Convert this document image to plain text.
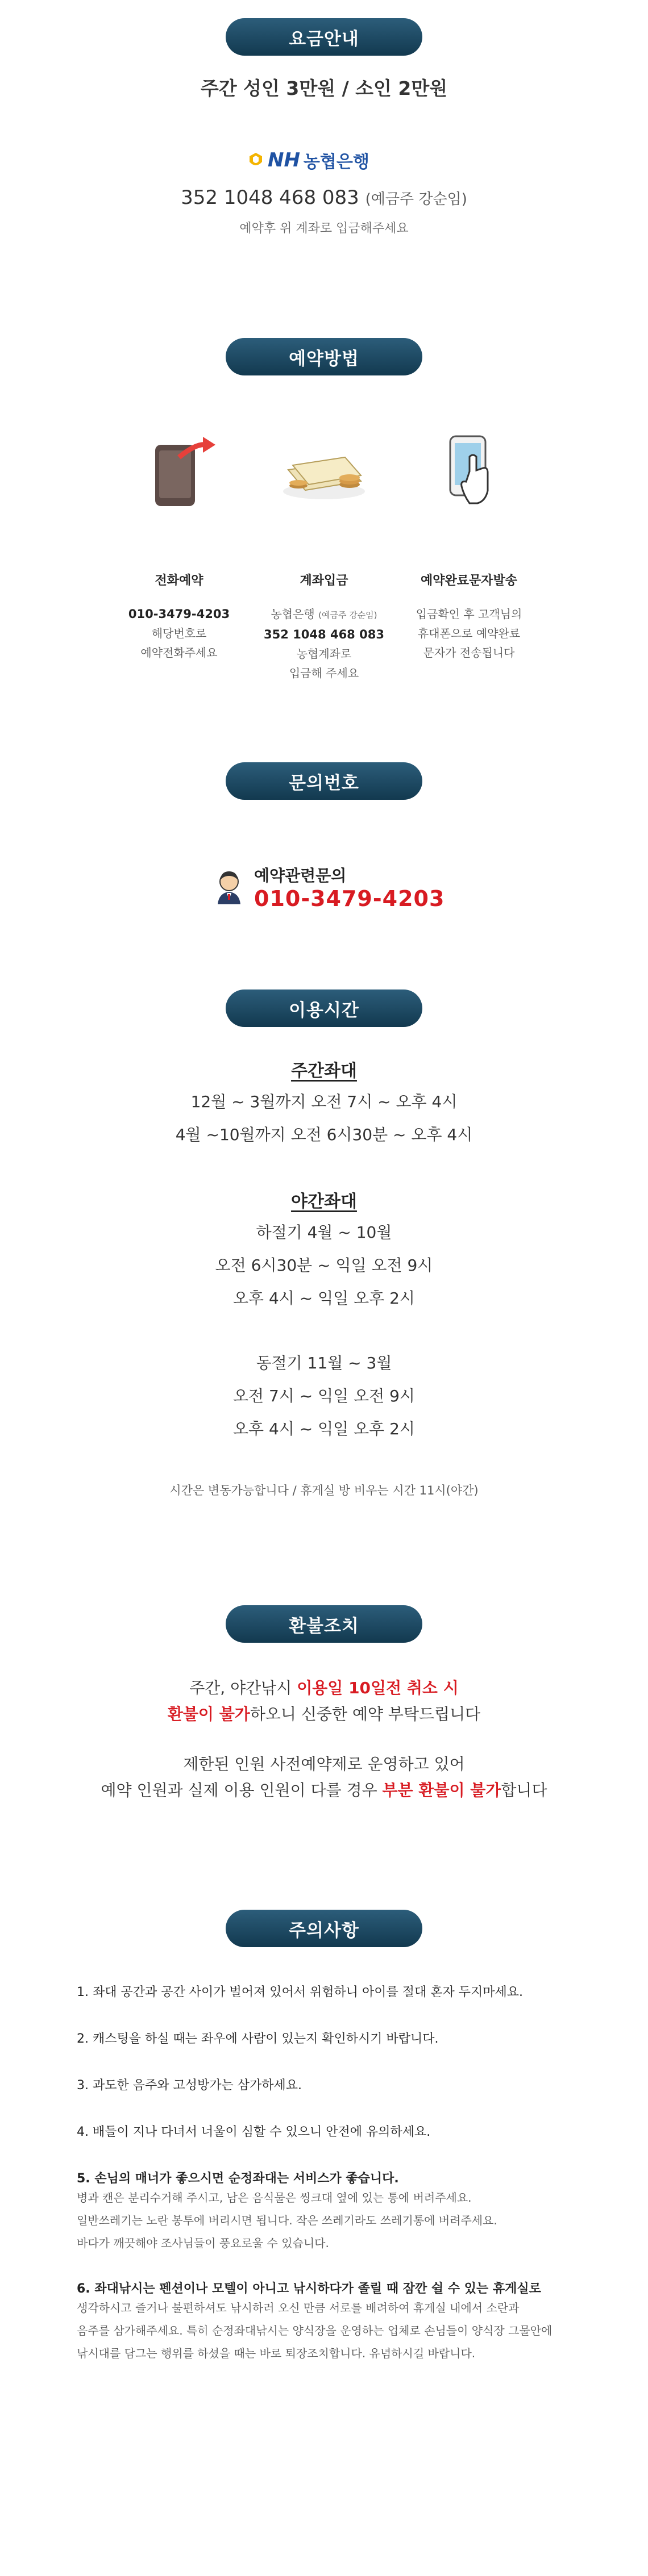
요금안내
주간 성인 3만원 / 소인 2만원
NH 농협은행
352 1048 468 083 (예금주 강순임)
예약후 위 계좌로 입금해주세요
예약방법
전화예약
010-3479-4203
해당번호로
예약전화주세요
계좌입금
농협은행 (예금주 강순임)
352 1048 468 083
농협계좌로
입금해 주세요
예약완료문자발송
입금확인 후 고객님의
휴대폰으로 예약완료
문자가 전송됩니다
문의번호
예약관련문의
010-3479-4203
이용시간
주간좌대
12월 ~ 3월까지 오전 7시 ~ 오후 4시
4월 ~10월까지 오전 6시30분 ~ 오후 4시
야간좌대
하절기 4월 ~ 10월
오전 6시30분 ~ 익일 오전 9시
오후 4시 ~ 익일 오후 2시
동절기 11월 ~ 3월
오전 7시 ~ 익일 오전 9시
오후 4시 ~ 익일 오후 2시
시간은 변동가능합니다 / 휴게실 방 비우는 시간 11시(야간)
환불조치
주간, 야간낚시 이용일 10일전 취소 시
환불이 불가하오니 신중한 예약 부탁드립니다
제한된 인원 사전예약제로 운영하고 있어
예약 인원과 실제 이용 인원이 다를 경우 부분 환불이 불가합니다
주의사항
1. 좌대 공간과 공간 사이가 벌어져 있어서 위험하니 아이를 절대 혼자 두지마세요.
2. 캐스팅을 하실 때는 좌우에 사람이 있는지 확인하시기 바랍니다.
3. 과도한 음주와 고성방가는 삼가하세요.
4. 배들이 지나 다녀서 너울이 심할 수 있으니 안전에 유의하세요.
5. 손님의 매너가 좋으시면 순정좌대는 서비스가 좋습니다.
병과 캔은 분리수거해 주시고, 남은 음식물은 씽크대 옆에 있는 통에 버려주세요.
일반쓰레기는 노란 봉투에 버리시면 됩니다. 작은 쓰레기라도 쓰레기통에 버려주세요.
바다가 깨끗해야 조사님들이 풍요로울 수 있습니다.
6. 좌대낚시는 펜션이나 모텔이 아니고 낚시하다가 졸릴 때 잠깐 쉴 수 있는 휴게실로
생각하시고 즐거나 불편하셔도 낚시하러 오신 만큼 서로를 배려하여 휴게실 내에서 소란과
음주를 삼가해주세요. 특히 순정좌대낚시는 양식장을 운영하는 업체로 손님들이 양식장 그물안에
낚시대를 담그는 행위를 하셨을 때는 바로 퇴장조치합니다. 유념하시길 바랍니다.
